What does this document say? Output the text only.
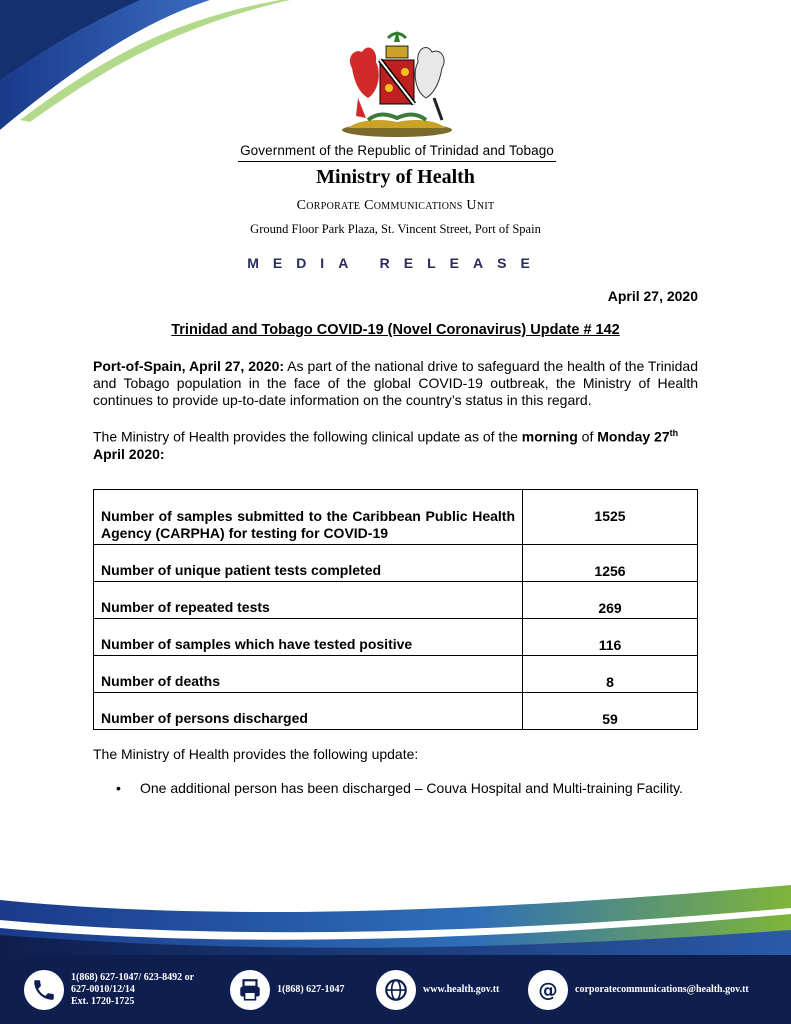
Government of the Republic of Trinidad and Tobago
Ministry of Health
Corporate Communications Unit
Ground Floor Park Plaza, St. Vincent Street, Port of Spain
MEDIA RELEASE
April 27, 2020
Trinidad and Tobago COVID-19 (Novel Coronavirus) Update # 142
Port-of-Spain, April 27, 2020: As part of the national drive to safeguard the health of the Trinidad and Tobago population in the face of the global COVID-19 outbreak, the Ministry of Health continues to provide up-to-date information on the country’s status in this regard.
The Ministry of Health provides the following clinical update as of the morning of Monday 27th
April 2020:
Number of samples submitted to the Caribbean Public Health Agency (CARPHA) for testing for COVID-19	1525
Number of unique patient tests completed	1256
Number of repeated tests	269
Number of samples which have tested positive	116
Number of deaths	8
Number of persons discharged	59
The Ministry of Health provides the following update:
• One additional person has been discharged – Couva Hospital and Multi-training Facility.
1(868) 627-1047/ 623-8492 or
627-0010/12/14
Ext. 1720-1725
1(868) 627-1047	www.health.gov.tt @ corporatecommunications@health.gov.tt
